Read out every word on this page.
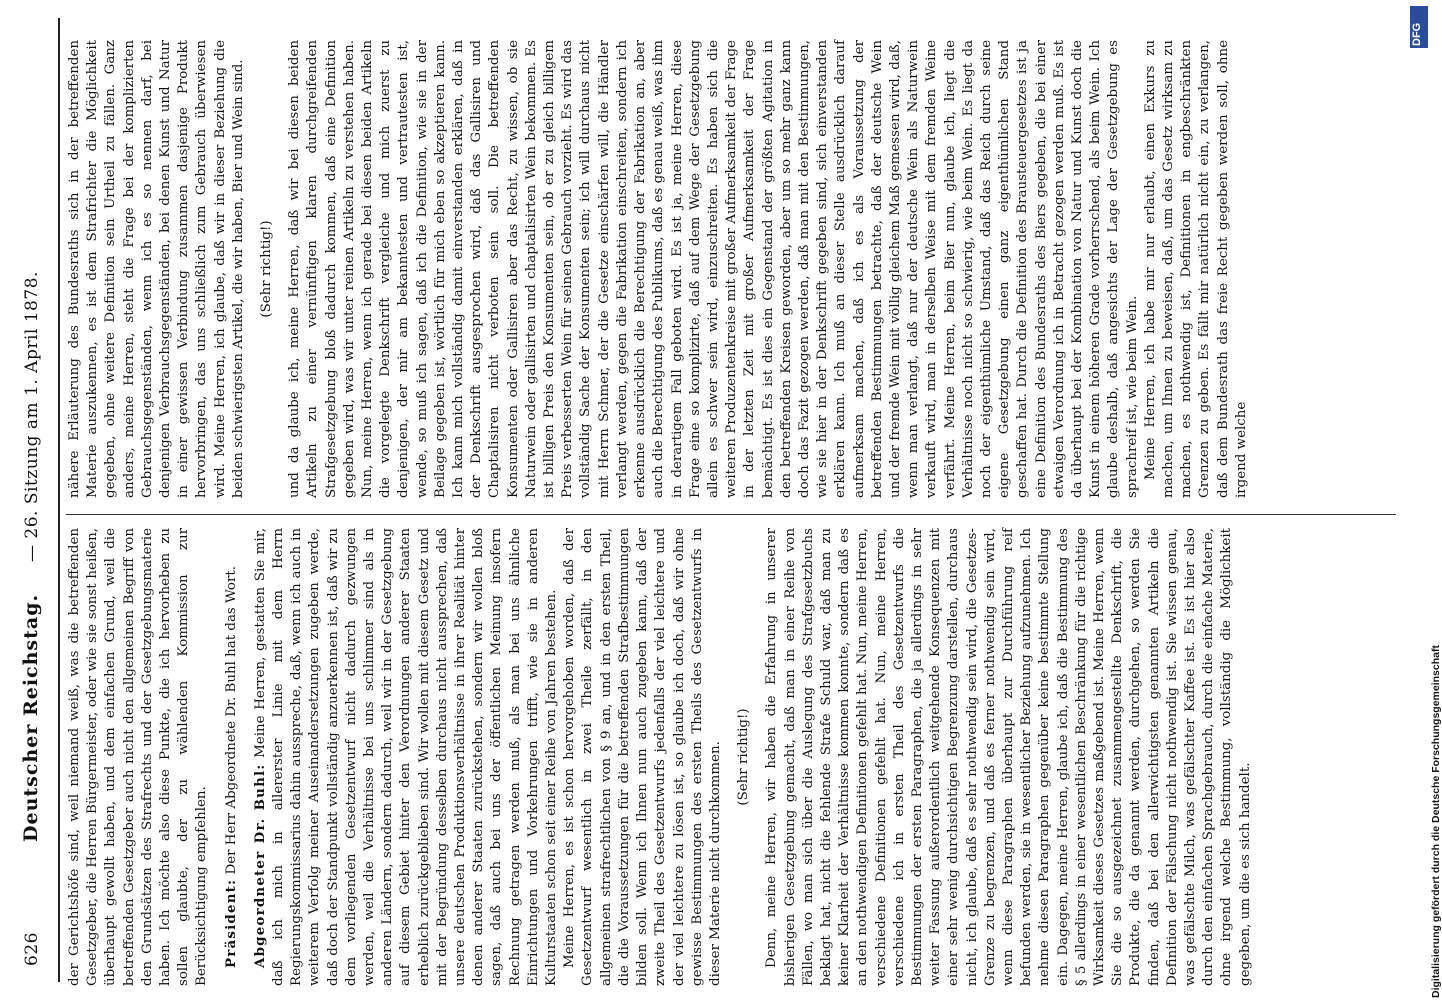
626
Deutscher Reichstag.
— 26. Sitzung am 1. April 1878.

der Gerichtshöfe sind, weil niemand weiß, was die betreffenden Gesetzgeber, die Herren Bürgermeister, oder wie sie sonst heißen, überhaupt gewollt haben, und dem einfachen Grund, weil die betreffenden Gesetzgeber auch nicht den allgemeinen Begriff von den Grundsätzen des Strafrechts und der Gesetzgebungsmaterie haben. Ich möchte also diese Punkte, die ich hervorheben zu sollen glaubte, der zu wählenden Kommission zur Berücksichtigung empfehlen. Präsident: Der Herr Abgeordnete Dr. Buhl hat das Wort. Abgeordneter Dr. Buhl: Meine Herren, gestatten Sie mir, daß ich mich in allererster Linie mit dem Herrn Regierungskommissarius dahin ausspreche, daß, wenn ich auch in weiterem Verfolg meiner Auseinandersetzungen zugeben werde, daß doch der Standpunkt vollständig anzuerkennen ist, daß wir zu dem vorliegenden Gesetzentwurf nicht dadurch gezwungen werden, weil die Verhältnisse bei uns schlimmer sind als in anderen Ländern, sondern dadurch, weil wir in der Gesetzgebung auf diesem Gebiet hinter den Verordnungen anderer Staaten erheblich zurückgeblieben sind. Wir wollen mit diesem Gesetz und mit der Begründung desselben durchaus nicht aussprechen, daß unsere deutschen Produktionsverhältnisse in ihrer Realität hinter denen anderer Staaten zurückstehen, sondern wir wollen bloß sagen, daß auch bei uns der öffentlichen Meinung insofern Rechnung getragen werden muß, als man bei uns ähnliche Einrichtungen und Vorkehrungen trifft, wie sie in anderen Kulturstaaten schon seit einer Reihe von Jahren bestehen. Meine Herren, es ist schon hervorgehoben worden, daß der Gesetzentwurf wesentlich in zwei Theile zerfällt, in den allgemeinen strafrechtlichen von § 9 an, und in den ersten Theil, die die Voraussetzungen für die betreffenden Strafbestimmungen bilden soll. Wenn ich Ihnen nun auch zugeben kann, daß der zweite Theil des Gesetzentwurfs jedenfalls der viel leichtere und der viel leichtere zu lösen ist, so glaube ich doch, daß wir ohne gewisse Bestimmungen des ersten Theils des Gesetzentwurfs in dieser Materie nicht durchkommen. (Sehr richtig!) Denn, meine Herren, wir haben die Erfahrung in unserer bisherigen Gesetzgebung gemacht, daß man in einer Reihe von Fällen, wo man sich über die Auslegung des Strafgesetzbuchs beklagt hat, nicht die fehlende Strafe Schuld war, daß man zu keiner Klarheit der Verhältnisse kommen konnte, sondern daß es an den nothwendigen Definitionen gefehlt hat. Nun, meine Herren, verschiedene Definitionen gefehlt hat. Nun, meine Herren, verschiedene ich in ersten Theil des Gesetzentwurfs die Bestimmungen der ersten Paragraphen, die ja allerdings in sehr weiter Fassung außerordentlich weitgehende Konsequenzen mit einer sehr wenig durchsichtigen Begrenzung darstellen, durchaus nicht, ich glaube, daß es sehr nothwendig sein wird, die Gesetzes-Grenze zu begrenzen, und daß es ferner nothwendig sein wird, wenn diese Paragraphen überhaupt zur Durchführung reif befunden werden, sie in wesentlicher Beziehung aufzunehmen. Ich nehme diesen Paragraphen gegenüber keine bestimmte Stellung ein. Dagegen, meine Herren, glaube ich, daß die Bestimmung des § 5 allerdings in einer wesentlichen Beschränkung für die richtige Wirksamkeit dieses Gesetzes maßgebend ist. Meine Herren, wenn Sie die so ausgezeichnet zusammengestellte Denkschrift, die Produkte, die da genannt werden, durchgehen, so werden Sie finden, daß bei den allerwichtigsten genannten Artikeln die Definition der Fälschung nicht nothwendig ist. Sie wissen genau, was gefälschte Milch, was gefälschter Kaffee ist. Es ist hier also durch den einfachen Sprachgebrauch, durch die einfache Materie, ohne irgend welche Bestimmung, vollständig die Möglichkeit gegeben, um die es sich handelt.

nähere Erläuterung des Bundesraths sich in der betreffenden Materie auszukennen, es ist dem Strafrichter die Möglichkeit gegeben, ohne weitere Definition sein Urtheil zu fällen. Ganz anders, meine Herren, steht die Frage bei der komplizierten Gebrauchsgegenständen, wenn ich es so nennen darf, bei denjenigen Verbrauchsgegenständen, bei denen Kunst und Natur in einer gewissen Verbindung zusammen dasjenige Produkt hervorbringen, das uns schließlich zum Gebrauch überwiesen wird. Meine Herren, ich glaube, daß wir in dieser Beziehung die beiden schwierigsten Artikel, die wir haben, Bier und Wein sind. (Sehr richtig!) und da glaube ich, meine Herren, daß wir bei diesen beiden Artikeln zu einer vernünftigen klaren durchgreifenden Strafgesetzgebung bloß dadurch kommen, daß eine Definition gegeben wird, was wir unter reinen Artikeln zu verstehen haben. Nun, meine Herren, wenn ich gerade bei diesen beiden Artikeln die vorgelegte Denkschrift vergleiche und mich zuerst zu denjenigen, der mir am bekanntesten und vertrautesten ist, wende, so muß ich sagen, daß ich die Definition, wie sie in der Beilage gegeben ist, wörtlich für mich eben so akzeptieren kann. Ich kann mich vollständig damit einverstanden erklären, daß in der Denkschrift ausgesprochen wird, daß das Gallisiren und Chaptalisiren nicht verboten sein soll. Die betreffenden Konsumenten oder Gallisiren aber das Recht, zu wissen, ob sie Naturwein oder gallisirten und chaptalisirten Wein bekommen. Es ist billigen Preis den Konsumenten sein, ob er zu gleich billigem Preis verbesserten Wein für seinen Gebrauch vorzieht. Es wird das vollständig Sache der Konsumenten sein; ich will durchaus nicht mit Herrn Schmer, der die Gesetze einschärfen will, die Händler verlangt werden, gegen die Fabrikation einschreiten, sondern ich erkenne ausdrücklich die Berechtigung der Fabrikation an, aber auch die Berechtigung des Publikums, daß es genau weiß, was ihm in derartigem Fall geboten wird. Es ist ja, meine Herren, diese Frage eine so komplizirte, daß auf dem Wege der Gesetzgebung allein es schwer sein wird, einzuschreiten. Es haben sich die weiteren Produzentenkreise mit großer Aufmerksamkeit der Frage in der letzten Zeit mit großer Aufmerksamkeit der Frage bemächtigt. Es ist dies ein Gegenstand der größten Agitation in den betreffenden Kreisen geworden, aber um so mehr ganz kann doch das Fazit gezogen werden, daß man mit den Bestimmungen, wie sie hier in der Denkschrift gegeben sind, sich einverstanden erklären kann. Ich muß an dieser Stelle ausdrücklich darauf aufmerksam machen, daß ich es als Voraussetzung der betreffenden Bestimmungen betrachte, daß der deutsche Wein und der fremde Wein mit völlig gleichem Maß gemessen wird, daß, wenn man verlangt, daß nur der deutsche Wein als Naturwein verkauft wird, man in derselben Weise mit dem fremden Weine verfährt. Meine Herren, beim Bier nun, glaube ich, liegt die Verhältnisse noch nicht so schwierig, wie beim Wein. Es liegt da noch der eigenthümliche Umstand, daß das Reich durch seine eigene Gesetzgebung einen ganz eigenthümlichen Stand geschaffen hat. Durch die Definition des Brausteuergesetzes ist ja eine Definition des Bundesraths des Biers gegeben, die bei einer etwaigen Verordnung ich in Betracht gezogen werden muß. Es ist da überhaupt bei der Kombination von Natur und Kunst doch die Kunst in einem höheren Grade vorherrschend, als beim Wein. Ich glaube deshalb, daß angesichts der Lage der Gesetzgebung es sprachreif ist, wie beim Wein. Meine Herren, ich habe mir nur erlaubt, einen Exkurs zu machen, um Ihnen zu beweisen, daß, um das Gesetz wirksam zu machen, es nothwendig ist, Definitionen in engbeschränkten Grenzen zu geben. Es fällt mir natürlich nicht ein, zu verlangen, daß dem Bundesrath das freie Recht gegeben werden soll, ohne irgend welche

DFG
Digitalisierung gefördert durch die Deutsche Forschungsgemeinschaft
